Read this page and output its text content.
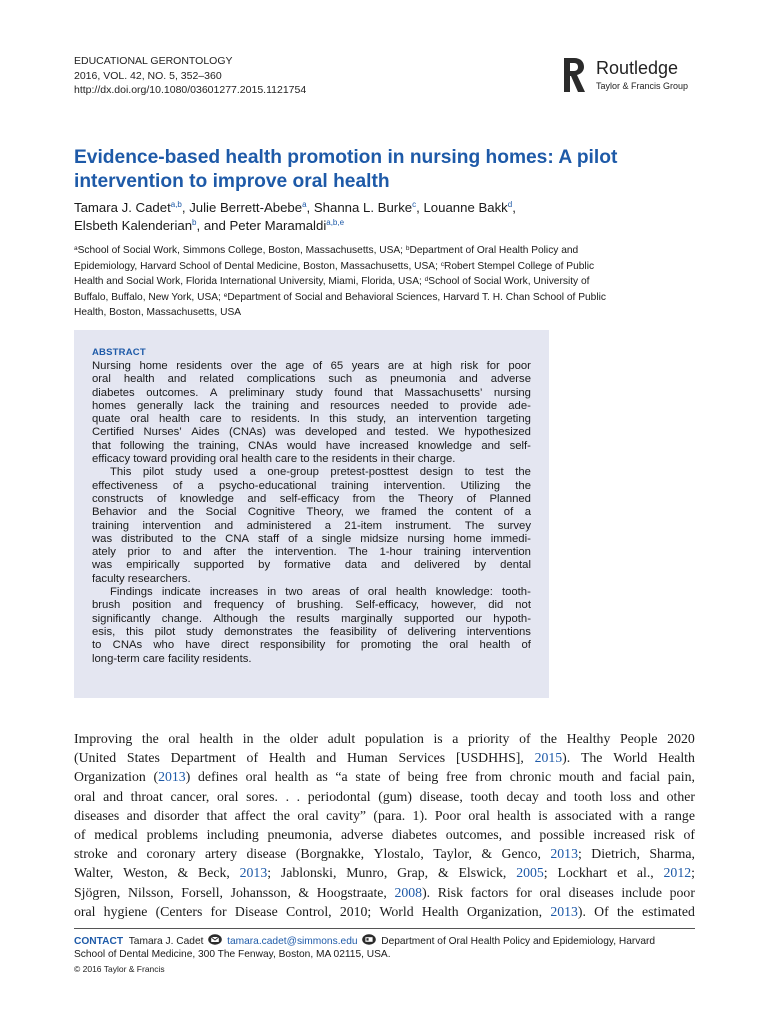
EDUCATIONAL GERONTOLOGY
2016, VOL. 42, NO. 5, 352–360
http://dx.doi.org/10.1080/03601277.2015.1121754
ROUTLEDGE Routledge
Taylor & Francis Group
Evidence-based health promotion in nursing homes: A pilot intervention to improve oral health
Tamara J. Cadet$^{a,b}$, Julie Berrett-Abebe$^a$, Shanna L. Burke$^c$, Louanne Bakk$^d$,
Elsbeth Kalenderian$^b$, and Peter Maramaldi$^{a,b,e}$
$^a$School of Social Work, Simmons College, Boston, Massachusetts, USA; $^b$Department of Oral Health Policy and
Epidemiology, Harvard School of Dental Medicine, Boston, Massachusetts, USA; $^c$Robert Stempel College of Public
Health and Social Work, Florida International University, Miami, Florida, USA; $^d$School of Social Work, University of
Buffalo, Buffalo, New York, USA; $^e$Department of Social and Behavioral Sciences, Harvard T. H. Chan School of Public
Health, Boston, Massachusetts, USA
ABSTRACT
Nursing home residents over the age of 65 years are at high risk for poor
oral health and related complications such as pneumonia and adverse
diabetes outcomes. A preliminary study found that Massachusetts’ nursing
homes generally lack the training and resources needed to provide ade-
quate oral health care to residents. In this study, an intervention targeting
Certified Nurses’ Aides (CNAs) was developed and tested. We hypothesized
that following the training, CNAs would have increased knowledge and self-
efficacy toward providing oral health care to the residents in their charge.
This pilot study used a one-group pretest-posttest design to test the
effectiveness of a psycho-educational training intervention. Utilizing the
constructs of knowledge and self-efficacy from the Theory of Planned
Behavior and the Social Cognitive Theory, we framed the content of a
training intervention and administered a 21-item instrument. The survey
was distributed to the CNA staff of a single midsize nursing home immedi-
ately prior to and after the intervention. The 1-hour training intervention
was empirically supported by formative data and delivered by dental
faculty researchers.
Findings indicate increases in two areas of oral health knowledge: tooth-
brush position and frequency of brushing. Self-efficacy, however, did not
significantly change. Although the results marginally supported our hypoth-
esis, this pilot study demonstrates the feasibility of delivering interventions
to CNAs who have direct responsibility for promoting the oral health of
long-term care facility residents.
Improving the oral health in the older adult population is a priority of the Healthy People 2020
(United States Department of Health and Human Services [USDHHS], 2015). The World Health
Organization (2013) defines oral health as “a state of being free from chronic mouth and facial pain,
oral and throat cancer, oral sores. . . periodontal (gum) disease, tooth decay and tooth loss and other
diseases and disorder that affect the oral cavity” (para. 1). Poor oral health is associated with a range
of medical problems including pneumonia, adverse diabetes outcomes, and possible increased risk of
stroke and coronary artery disease (Borgnakke, Ylostalo, Taylor, & Genco, 2013; Dietrich, Sharma,
Walter, Weston, & Beck, 2013; Jablonski, Munro, Grap, & Elswick, 2005; Lockhart et al., 2012;
Sjögren, Nilsson, Forsell, Johansson, & Hoogstraate, 2008). Risk factors for oral diseases include poor
oral hygiene (Centers for Disease Control, 2010; World Health Organization, 2013). Of the estimated
CONTACT Tamara J. Cadet tamara.cadet@simmons.edu Department of Oral Health Policy and Epidemiology, Harvard
School of Dental Medicine, 300 The Fenway, Boston, MA 02115, USA.
© 2016 Taylor & Francis
